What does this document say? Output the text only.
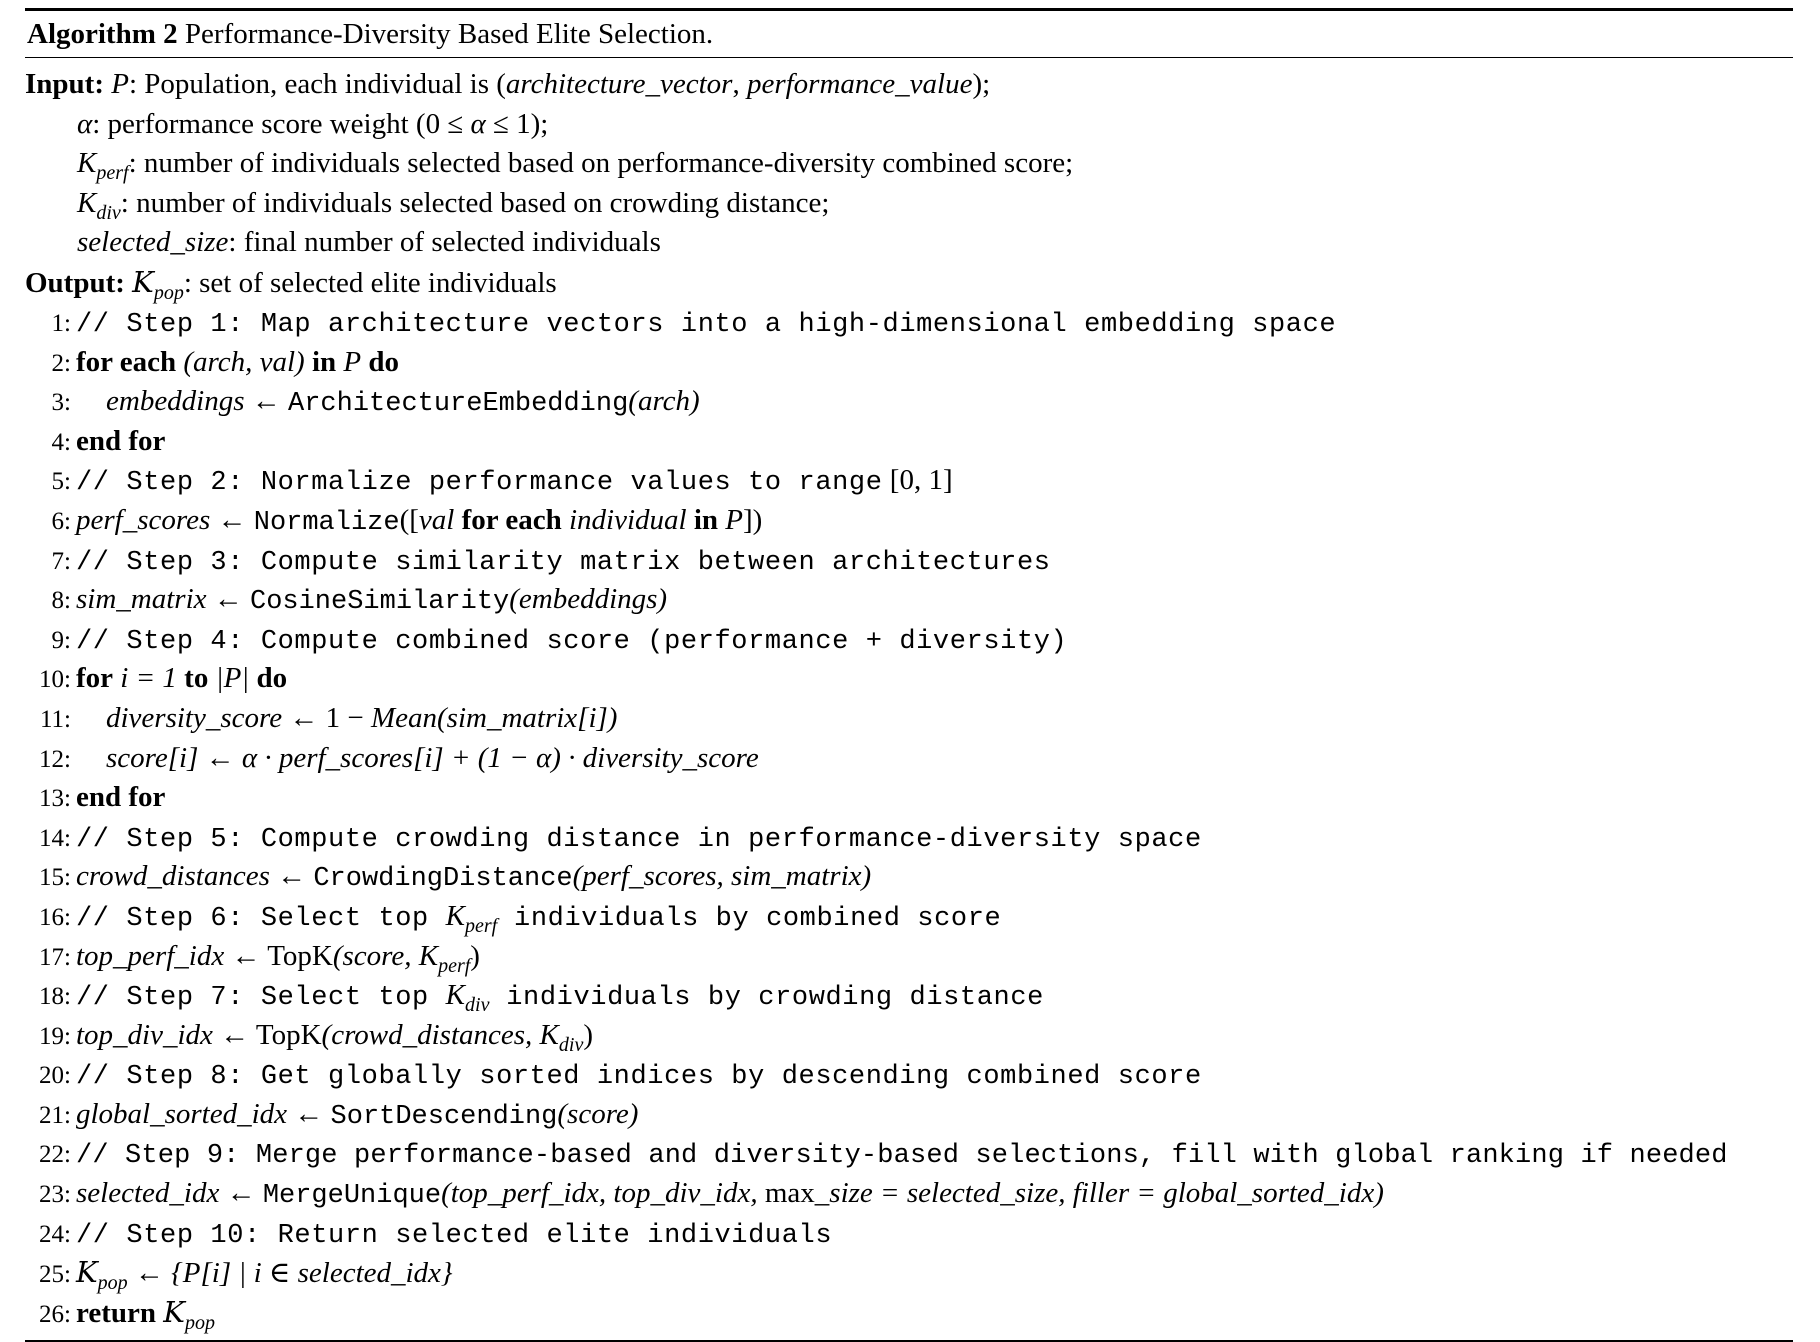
Algorithm 2 Performance-Diversity Based Elite Selection.
Input: P: Population, each individual is (architecture_vector, performance_value);
α: performance score weight (0 ≤ α ≤ 1);
$K_{perf}$: number of individuals selected based on performance-diversity combined score;
$K_{div}$: number of individuals selected based on crowding distance;
selected_size: final number of selected individuals
Output: $K_{pop}$: set of selected elite individuals
1: // Step 1: Map architecture vectors into a high-dimensional embedding space
2: for each (arch, val) in P do
3: embeddings ← ArchitectureEmbedding(arch)
4: end for
5: // Step 2: Normalize performance values to range [0, 1]
6: perf_scores ← Normalize([val for each individual in P])
7: // Step 3: Compute similarity matrix between architectures
8: sim_matrix ← CosineSimilarity(embeddings)
9: // Step 4: Compute combined score (performance + diversity)
10: for i = 1 to |P| do
11: diversity_score ← 1 − Mean(sim_matrix[i])
12: score[i] ← α · perf_scores[i] + (1 − α) · diversity_score
13: end for
14: // Step 5: Compute crowding distance in performance-diversity space
15: crowd_distances ← CrowdingDistance(perf_scores, sim_matrix)
16: // Step 6: Select top $K_{perf}$ individuals by combined score
17: top_perf_idx ← TopK(score, $K_{perf}$)
18: // Step 7: Select top $K_{div}$ individuals by crowding distance
19: top_div_idx ← TopK(crowd_distances, $K_{div}$)
20: // Step 8: Get globally sorted indices by descending combined score
21: global_sorted_idx ← SortDescending(score)
22: // Step 9: Merge performance-based and diversity-based selections, fill with global ranking if needed
23: selected_idx ← MergeUnique(top_perf_idx, top_div_idx, max_size = selected_size, filler = global_sorted_idx)
24: // Step 10: Return selected elite individuals
25: $K_{pop}$ ← {P[i] | i ∈ selected_idx}
26: return $K_{pop}$
